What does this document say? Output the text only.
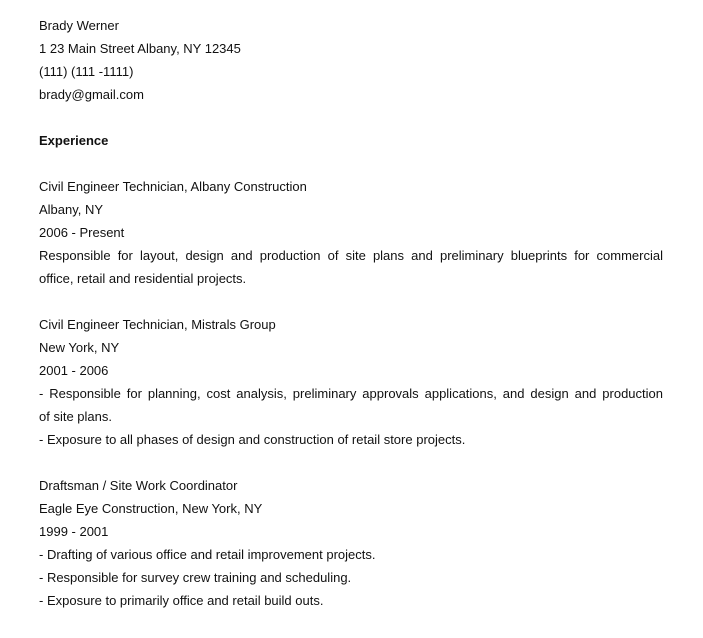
Brady Werner
1 23 Main Street Albany, NY 12345
(111) (111 -1111)
brady@gmail.com
Experience
Civil Engineer Technician, Albany Construction
Albany, NY
2006 - Present
Responsible for layout, design and production of site plans and preliminary blueprints for commercial
office, retail and residential projects.
Civil Engineer Technician, Mistrals Group
New York, NY
2001 - 2006
- Responsible for planning, cost analysis, preliminary approvals applications, and design and production
of site plans.
- Exposure to all phases of design and construction of retail store projects.
Draftsman / Site Work Coordinator
Eagle Eye Construction, New York, NY
1999 - 2001
- Drafting of various office and retail improvement projects.
- Responsible for survey crew training and scheduling.
- Exposure to primarily office and retail build outs.
